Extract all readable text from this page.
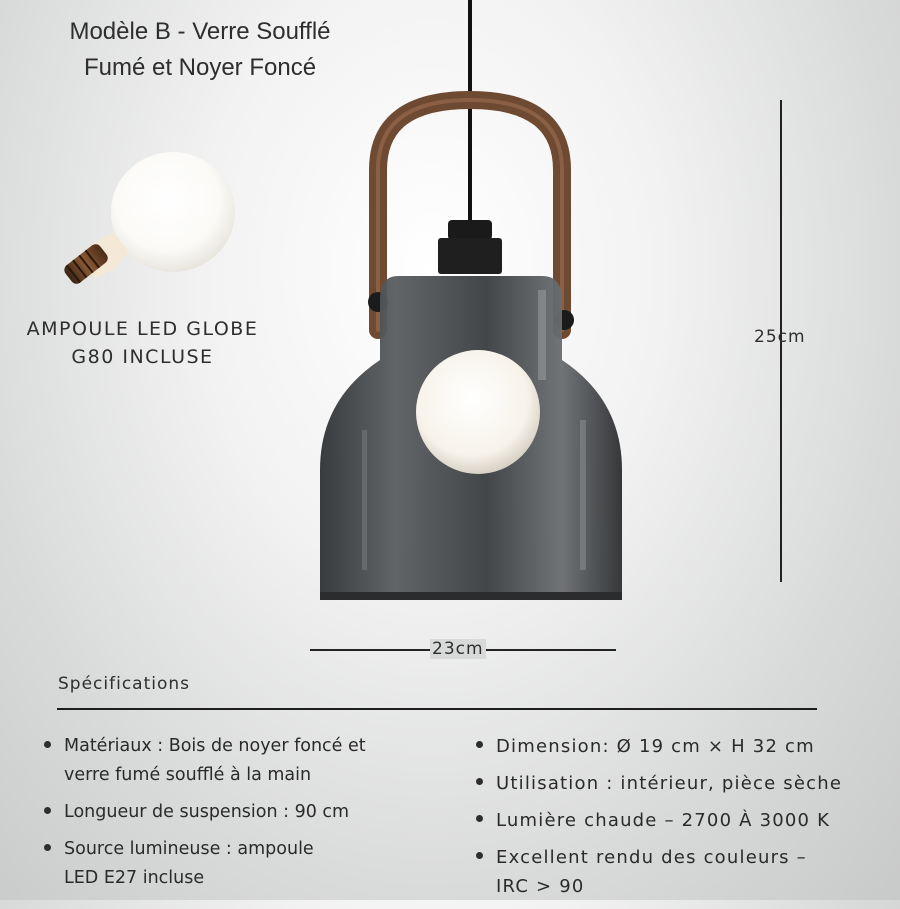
Modèle B - Verre Soufflé
Fumé et Noyer Foncé
AMPOULE LED GLOBE
G80 INCLUSE
25cm
23cm
Spécifications
Matériaux : Bois de noyer foncé et
verre fumé soufflé à la main
Longueur de suspension : 90 cm
Source lumineuse : ampoule
LED E27 incluse
Dimension: Ø 19 cm × H 32 cm
Utilisation : intérieur, pièce sèche
Lumière chaude – 2700 À 3000 K
Excellent rendu des couleurs –
IRC > 90
